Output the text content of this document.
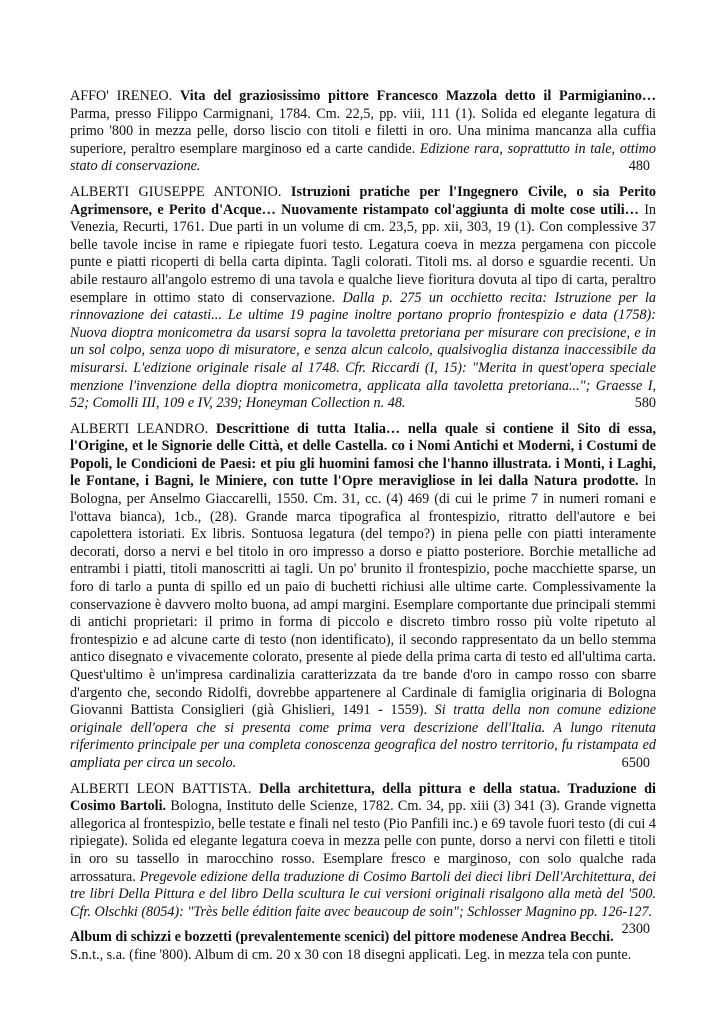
AFFO' IRENEO. Vita del graziosissimo pittore Francesco Mazzola detto il Parmigianino… Parma, presso Filippo Carmignani, 1784. Cm. 22,5, pp. viii, 111 (1). Solida ed elegante legatura di primo '800 in mezza pelle, dorso liscio con titoli e filetti in oro. Una minima mancanza alla cuffia superiore, peraltro esemplare marginoso ed a carte candide. Edizione rara, soprattutto in tale, ottimo stato di conservazione.	480

ALBERTI GIUSEPPE ANTONIO. Istruzioni pratiche per l'Ingegnero Civile, o sia Perito Agrimensore, e Perito d'Acque… Nuovamente ristampato col'aggiunta di molte cose utili… In Venezia, Recurti, 1761. Due parti in un volume di cm. 23,5, pp. xii, 303, 19 (1). Con complessive 37 belle tavole incise in rame e ripiegate fuori testo. Legatura coeva in mezza pergamena con piccole punte e piatti ricoperti di bella carta dipinta. Tagli colorati. Titoli ms. al dorso e sguardie recenti. Un abile restauro all'angolo estremo di una tavola e qualche lieve fioritura dovuta al tipo di carta, peraltro esemplare in ottimo stato di conservazione. Dalla p. 275 un occhietto recita: Istruzione per la rinnovazione dei catasti... Le ultime 19 pagine inoltre portano proprio frontespizio e data (1758): Nuova dioptra monicometra da usarsi sopra la tavoletta pretoriana per misurare con precisione, e in un sol colpo, senza uopo di misuratore, e senza alcun calcolo, qualsivoglia distanza inaccessibile da misurarsi. L'edizione originale risale al 1748. Cfr. Riccardi (I, 15): "Merita in quest'opera speciale menzione l'invenzione della dioptra monicometra, applicata alla tavoletta pretoriana..."; Graesse I, 52; Comolli III, 109 e IV, 239; Honeyman Collection n. 48.	580

ALBERTI LEANDRO. Descrittione di tutta Italia… nella quale si contiene il Sito di essa, l'Origine, et le Signorie delle Città, et delle Castella. co i Nomi Antichi et Moderni, i Costumi de Popoli, le Condicioni de Paesi: et piu gli huomini famosi che l'hanno illustrata. i Monti, i Laghi, le Fontane, i Bagni, le Miniere, con tutte l'Opre meravigliose in lei dalla Natura prodotte. In Bologna, per Anselmo Giaccarelli, 1550. Cm. 31, cc. (4) 469 (di cui le prime 7 in numeri romani e l'ottava bianca), 1cb., (28). Grande marca tipografica al frontespizio, ritratto dell'autore e bei capolettera istoriati. Ex libris. Sontuosa legatura (del tempo?) in piena pelle con piatti interamente decorati, dorso a nervi e bel titolo in oro impresso a dorso e piatto posteriore. Borchie metalliche ad entrambi i piatti, titoli manoscritti ai tagli. Un po' brunito il frontespizio, poche macchiette sparse, un foro di tarlo a punta di spillo ed un paio di buchetti richiusi alle ultime carte. Complessivamente la conservazione è davvero molto buona, ad ampi margini. Esemplare comportante due principali stemmi di antichi proprietari: il primo in forma di piccolo e discreto timbro rosso più volte ripetuto al frontespizio e ad alcune carte di testo (non identificato), il secondo rappresentato da un bello stemma antico disegnato e vivacemente colorato, presente al piede della prima carta di testo ed all'ultima carta. Quest'ultimo è un'impresa cardinalizia caratterizzata da tre bande d'oro in campo rosso con sbarre d'argento che, secondo Ridolfi, dovrebbe appartenere al Cardinale di famiglia originaria di Bologna Giovanni Battista Consiglieri (già Ghislieri, 1491 - 1559). Si tratta della non comune edizione originale dell'opera che si presenta come prima vera descrizione dell'Italia. A lungo ritenuta riferimento principale per una completa conoscenza geografica del nostro territorio, fu ristampata ed ampliata per circa un secolo.	6500

ALBERTI LEON BATTISTA. Della architettura, della pittura e della statua. Traduzione di Cosimo Bartoli. Bologna, Instituto delle Scienze, 1782. Cm. 34, pp. xiii (3) 341 (3). Grande vignetta allegorica al frontespizio, belle testate e finali nel testo (Pio Panfili inc.) e 69 tavole fuori testo (di cui 4 ripiegate). Solida ed elegante legatura coeva in mezza pelle con punte, dorso a nervi con filetti e titoli in oro su tassello in marocchino rosso. Esemplare fresco e marginoso, con solo qualche rada arrossatura. Pregevole edizione della traduzione di Cosimo Bartoli dei dieci libri Dell'Architettura, dei tre libri Della Pittura e del libro Della scultura le cui versioni originali risalgono alla metà del '500. Cfr. Olschki (8054): "Très belle édition faite avec beaucoup de soin"; Schlosser Magnino pp. 126-127.
2300

Album di schizzi e bozzetti (prevalentemente scenici) del pittore modenese Andrea Becchi. S.n.t., s.a. (fine '800). Album di cm. 20 x 30 con 18 disegni applicati. Leg. in mezza tela con punte.
